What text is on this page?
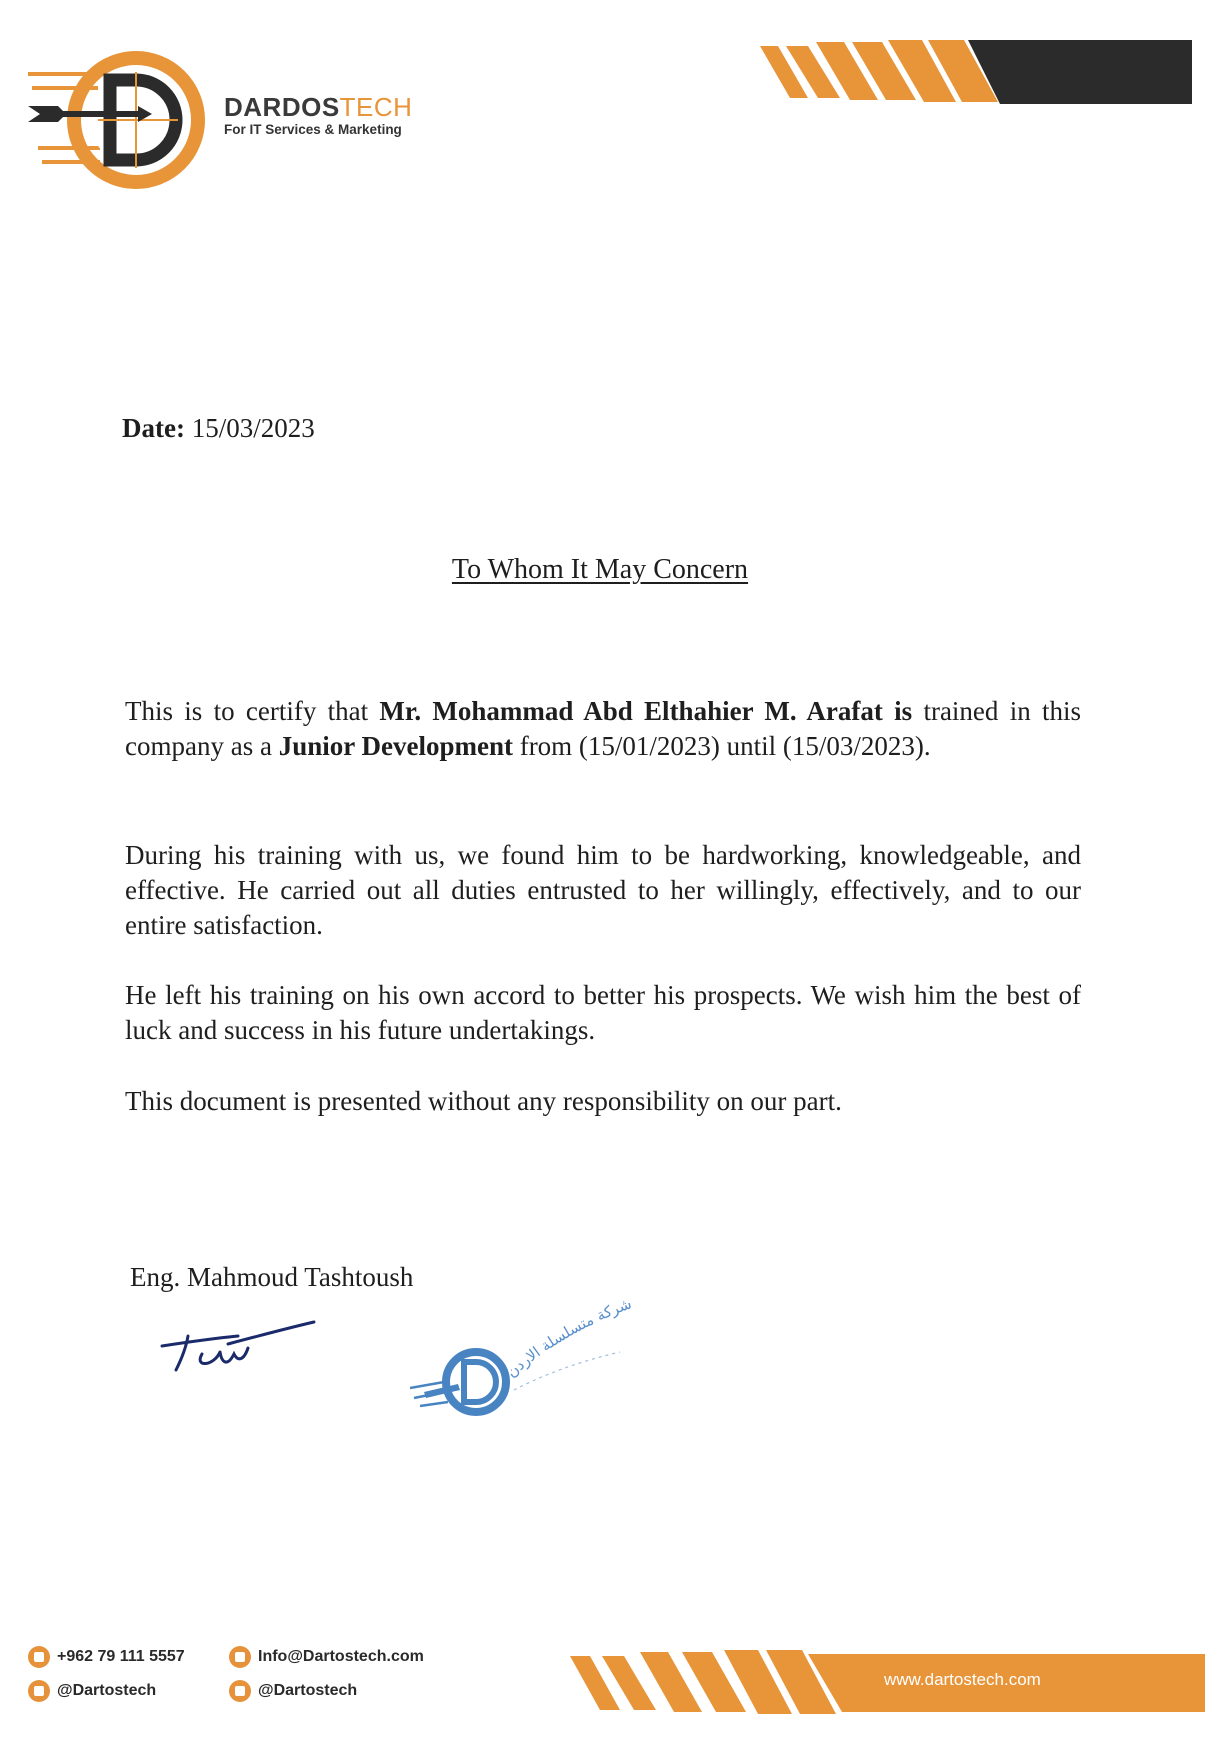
DARDOSTECH
For IT Services & Marketing
Date: 15/03/2023
To Whom It May Concern
This is to certify that Mr. Mohammad Abd Elthahier M. Arafat is trained in this company as a Junior Development from (15/01/2023) until (15/03/2023).
During his training with us, we found him to be hardworking, knowledgeable, and effective. He carried out all duties entrusted to her willingly, effectively, and to our entire satisfaction.
He left his training on his own accord to better his prospects. We wish him the best of luck and success in his future undertakings.
This document is presented without any responsibility on our part.
Eng. Mahmoud Tashtoush
شركة متسلسلة الاردن
+962 79 111 5557	Info@Dartostech.com
@Dartostech	@Dartostech
www.dartostech.com
